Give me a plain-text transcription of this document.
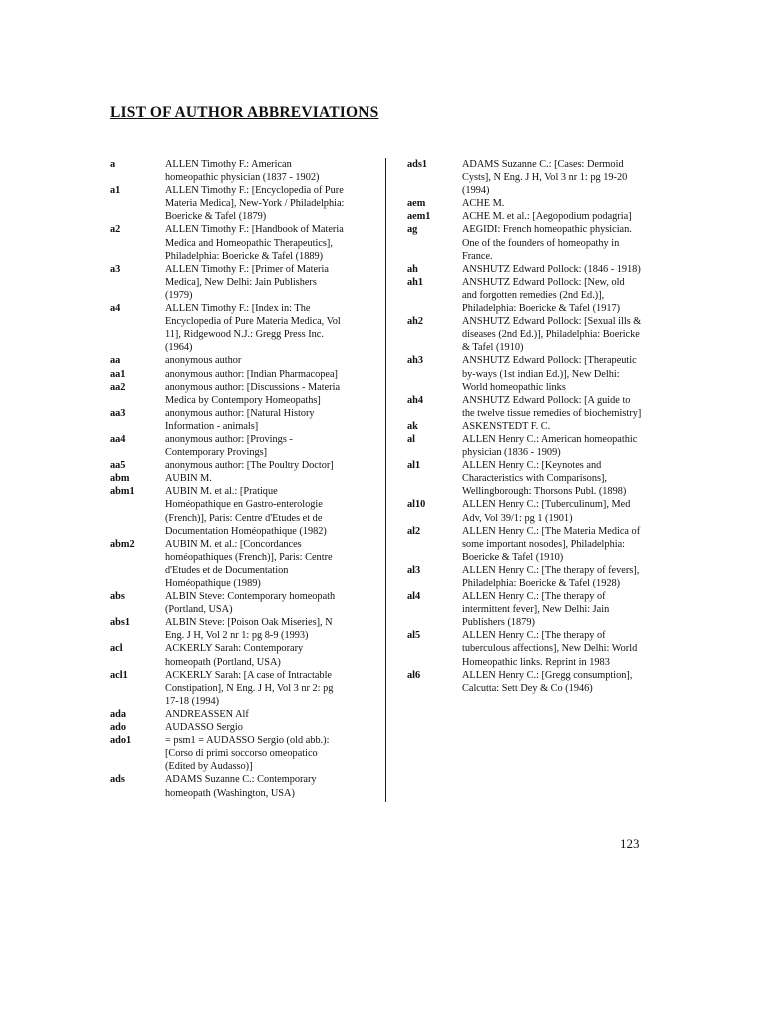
LIST OF AUTHOR ABBREVIATIONS
a	ALLEN Timothy F.: American homeopathic physician (1837 - 1902)
a1	ALLEN Timothy F.: [Encyclopedia of Pure Materia Medica], New-York / Philadelphia: Boericke & Tafel (1879)
a2	ALLEN Timothy F.: [Handbook of Materia Medica and Homeopathic Therapeutics], Philadelphia: Boericke & Tafel (1889)
a3	ALLEN Timothy F.: [Primer of Materia Medica], New Delhi: Jain Publishers (1979)
a4	ALLEN Timothy F.: [Index in: The Encyclopedia of Pure Materia Medica, Vol 11], Ridgewood N.J.: Gregg Press Inc. (1964)
aa	anonymous author
aa1	anonymous author: [Indian Pharmacopea]
aa2	anonymous author: [Discussions - Materia Medica by Contempory Homeopaths]
aa3	anonymous author: [Natural History Information - animals]
aa4	anonymous author: [Provings - Contemporary Provings]
aa5	anonymous author: [The Poultry Doctor]
abm	AUBIN M.
abm1	AUBIN M. et al.: [Pratique Homéopathique en Gastro-enterologie (French)], Paris: Centre d'Etudes et de Documentation Homéopathique (1982)
abm2	AUBIN M. et al.: [Concordances homéopathiques (French)], Paris: Centre d'Etudes et de Documentation Homéopathique (1989)
abs	ALBIN Steve: Contemporary homeopath (Portland, USA)
abs1	ALBIN Steve: [Poison Oak Miseries], N Eng. J H, Vol 2 nr 1: pg 8-9 (1993)
acl	ACKERLY Sarah: Contemporary homeopath (Portland, USA)
acl1	ACKERLY Sarah: [A case of Intractable Constipation], N Eng. J H, Vol 3 nr 2: pg 17-18 (1994)
ada	ANDREASSEN Alf
ado	AUDASSO Sergio
ado1	= psm1 = AUDASSO Sergio (old abb.): [Corso di primi soccorso omeopatico (Edited by Audasso)]
ads	ADAMS Suzanne C.: Contemporary homeopath (Washington, USA)
ads1	ADAMS Suzanne C.: [Cases: Dermoid Cysts], N Eng. J H, Vol 3 nr 1: pg 19-20 (1994)
aem	ACHE M.
aem1	ACHE M. et al.: [Aegopodium podagria]
ag	AEGIDI: French homeopathic physician. One of the founders of homeopathy in France.
ah	ANSHUTZ Edward Pollock: (1846 - 1918)
ah1	ANSHUTZ Edward Pollock: [New, old and forgotten remedies (2nd Ed.)], Philadelphia: Boericke & Tafel (1917)
ah2	ANSHUTZ Edward Pollock: [Sexual ills & diseases (2nd Ed.)], Philadelphia: Boericke & Tafel (1910)
ah3	ANSHUTZ Edward Pollock: [Therapeutic by-ways (1st indian Ed.)], New Delhi: World homeopathic links
ah4	ANSHUTZ Edward Pollock: [A guide to the twelve tissue remedies of biochemistry]
ak	ASKENSTEDT F. C.
al	ALLEN Henry C.: American homeopathic physician (1836 - 1909)
al1	ALLEN Henry C.: [Keynotes and Characteristics with Comparisons], Wellingborough: Thorsons Publ. (1898)
al10	ALLEN Henry C.: [Tuberculinum], Med Adv, Vol 39/1: pg 1 (1901)
al2	ALLEN Henry C.: [The Materia Medica of some important nosodes], Philadelphia: Boericke & Tafel (1910)
al3	ALLEN Henry C.: [The therapy of fevers], Philadelphia: Boericke & Tafel (1928)
al4	ALLEN Henry C.: [The therapy of intermittent fever], New Delhi: Jain Publishers (1879)
al5	ALLEN Henry C.: [The therapy of tuberculous affections], New Delhi: World Homeopathic links. Reprint in 1983
al6	ALLEN Henry C.: [Gregg consumption], Calcutta: Sett Dey & Co (1946)
123
